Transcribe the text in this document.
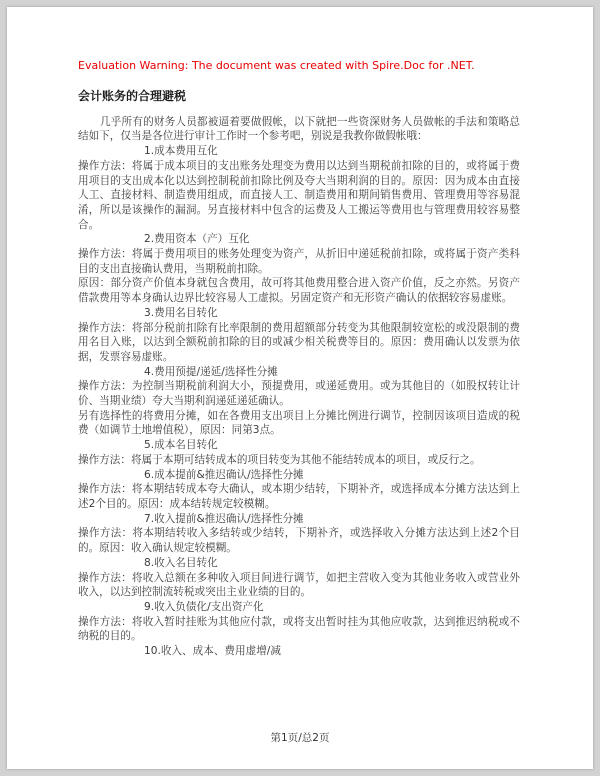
Evaluation Warning: The document was created with Spire.Doc for .NET.
会计账务的合理避税
几乎所有的财务人员都被逼着要做假帐，以下就把一些资深财务人员做帐的手法和策略总结如下，仅当是各位进行审计工作时一个参考吧，别说是我教你做假帐哦：
1.成本费用互化
操作方法：将属于成本项目的支出账务处理变为费用以达到当期税前扣除的目的，或将属于费用项目的支出成本化以达到控制税前扣除比例及夸大当期利润的目的。原因：因为成本由直接人工、直接材料、制造费用组成，而直接人工、制造费用和期间销售费用、管理费用等容易混淆，所以是该操作的漏洞。另直接材料中包含的运费及人工搬运等费用也与管理费用较容易整合。
2.费用资本（产）互化
操作方法：将属于费用项目的账务处理变为资产，从折旧中递延税前扣除，或将属于资产类科目的支出直接确认费用，当期税前扣除。
原因：部分资产价值本身就包含费用，故可将其他费用整合进入资产价值，反之亦然。另资产借款费用等本身确认边界比较容易人工虚拟。另固定资产和无形资产确认的依据较容易虚账。
3.费用名目转化
操作方法：将部分税前扣除有比率限制的费用超额部分转变为其他限制较宽松的或没限制的费用名目入账，以达到全额税前扣除的目的或减少相关税费等目的。原因：费用确认以发票为依据，发票容易虚账。
4.费用预提/递延/选择性分摊
操作方法：为控制当期税前利润大小，预提费用，或递延费用。或为其他目的（如股权转让计价、当期业绩）夸大当期利润递延递延确认。
另有选择性的将费用分摊，如在各费用支出项目上分摊比例进行调节，控制因该项目造成的税费（如调节土地增值税），原因：同第3点。
5.成本名目转化
操作方法：将属于本期可结转成本的项目转变为其他不能结转成本的项目，或反行之。
6.成本提前&推迟确认/选择性分摊
操作方法：将本期结转成本夸大确认，或本期少结转，下期补齐，或选择成本分摊方法达到上述2个目的。原因：成本结转规定较模糊。
7.收入提前&推迟确认/选择性分摊
操作方法：将本期结转收入多结转或少结转，下期补齐，或选择收入分摊方法达到上述2个目的。原因：收入确认规定较模糊。
8.收入名目转化
操作方法：将收入总额在多种收入项目间进行调节，如把主营收入变为其他业务收入或营业外收入，以达到控制流转税或突出主业业绩的目的。
9.收入负债化/支出资产化
操作方法：将收入暂时挂账为其他应付款，或将支出暂时挂为其他应收款，达到推迟纳税或不纳税的目的。
10.收入、成本、费用虚增/减
第1页/总2页
